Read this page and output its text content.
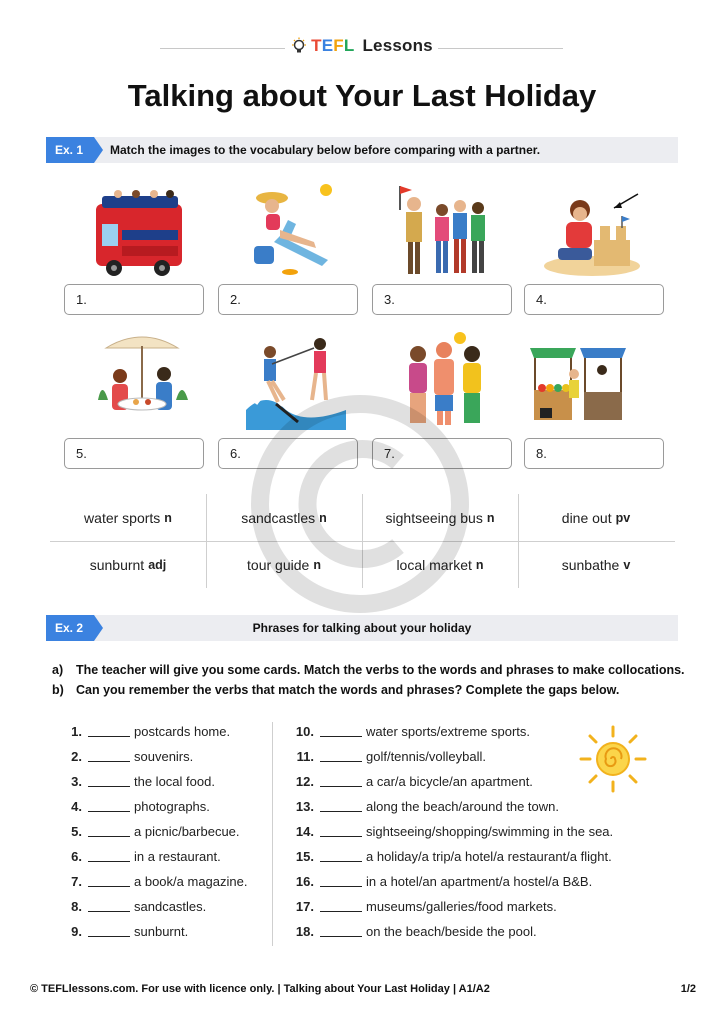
TEFL Lessons
Talking about Your Last Holiday
Ex. 1	Match the images to the vocabulary below before comparing with a partner.
1.	2.	3.	4.
5.	6.	7.	8.
water sports n	sandcastles n	sightseeing bus n	dine out pv
sunburnt adj	tour guide n	local market n	sunbathe v
Ex. 2	Phrases for talking about your holiday
a) The teacher will give you some cards. Match the verbs to the words and phrases to make collocations.
b) Can you remember the verbs that match the words and phrases? Complete the gaps below.
1.	postcards home.
2.	souvenirs.
3.	the local food.
4.	photographs.
5.	a picnic/barbecue.
6.	in a restaurant.
7.	a book/a magazine.
8.	sandcastles.
9.	sunburnt.
10.	water sports/extreme sports.
11.	golf/tennis/volleyball.
12.	a car/a bicycle/an apartment.
13.	along the beach/around the town.
14.	sightseeing/shopping/swimming in the sea.
15.	a holiday/a trip/a hotel/a restaurant/a flight.
16.	in a hotel/an apartment/a hostel/a B&B.
17.	museums/galleries/food markets.
18.	on the beach/beside the pool.
© TEFLlessons.com. For use with licence only. | Talking about Your Last Holiday | A1/A2	1/2
